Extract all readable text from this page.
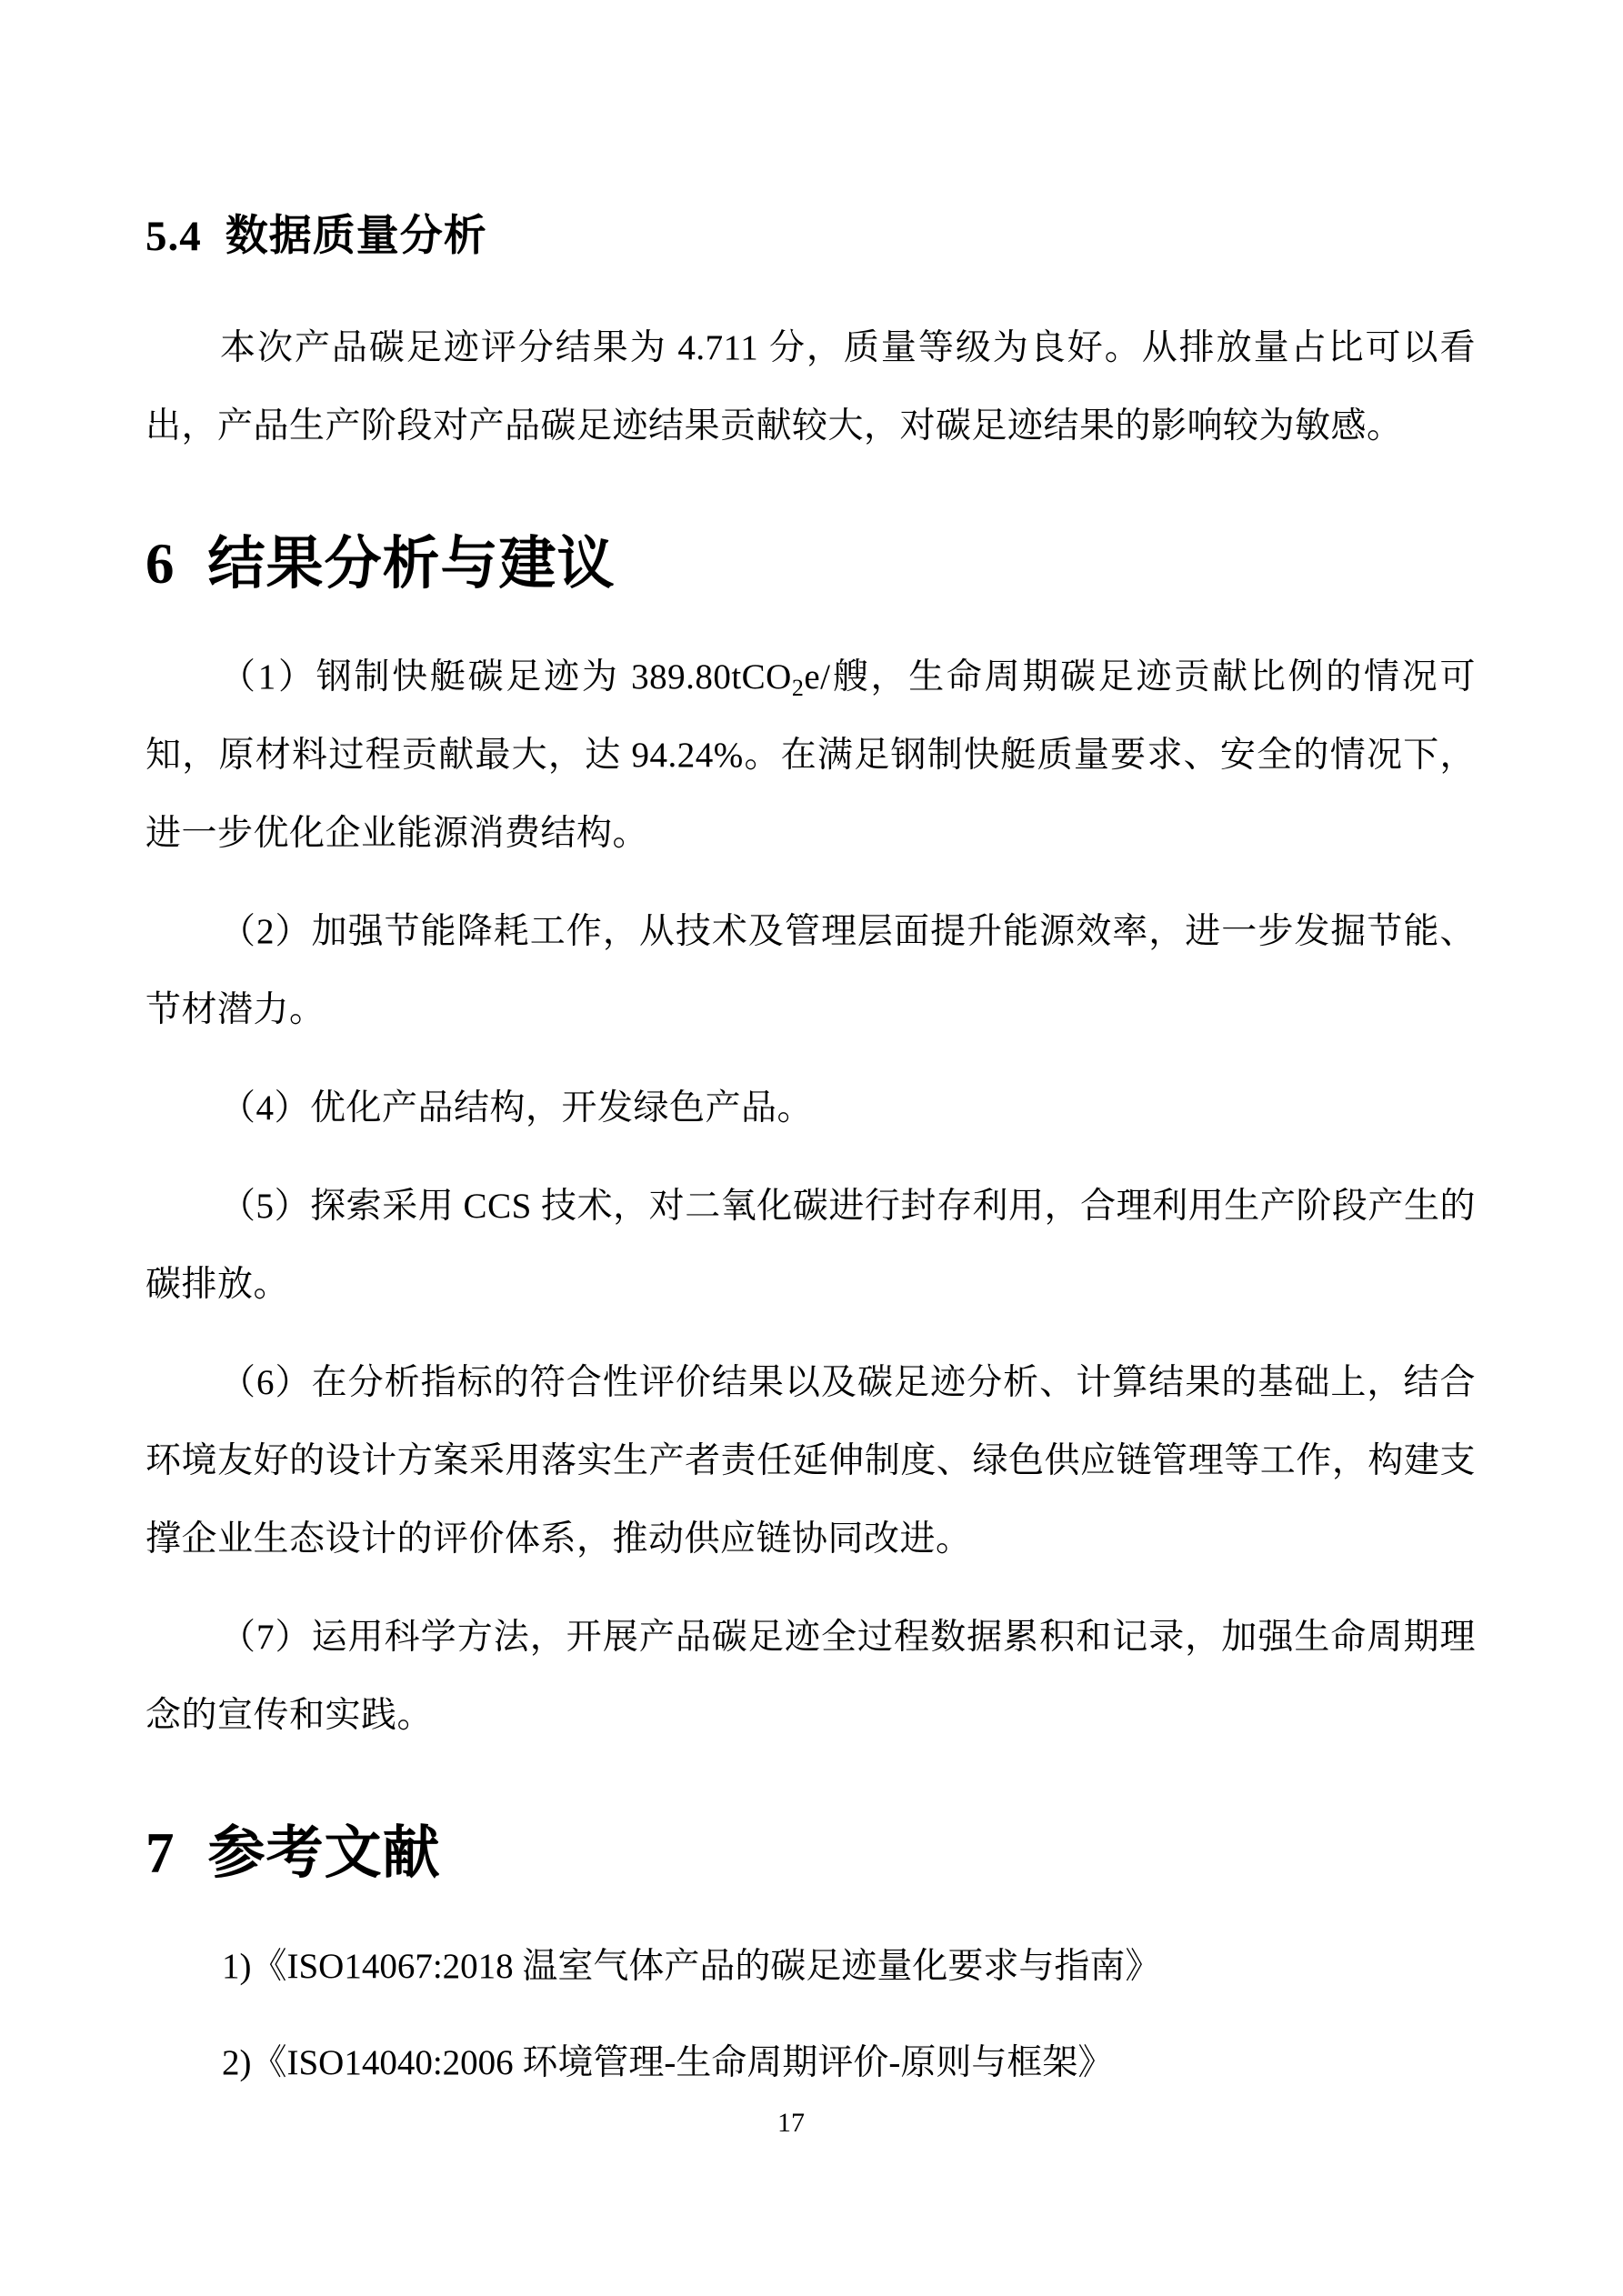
5.4 数据质量分析

本次产品碳足迹评分结果为 4.711 分，质量等级为良好。从排放量占比可以看出，产品生产阶段对产品碳足迹结果贡献较大，对碳足迹结果的影响较为敏感。

6 结果分析与建议

（1）钢制快艇碳足迹为 389.80tCO$_2$e/艘，生命周期碳足迹贡献比例的情况可知，原材料过程贡献最大，达 94.24%。在满足钢制快艇质量要求、安全的情况下，进一步优化企业能源消费结构。

（2）加强节能降耗工作，从技术及管理层面提升能源效率，进一步发掘节能、节材潜力。

（4）优化产品结构，开发绿色产品。

（5）探索采用 CCS 技术，对二氧化碳进行封存利用，合理利用生产阶段产生的碳排放。

（6）在分析指标的符合性评价结果以及碳足迹分析、计算结果的基础上，结合环境友好的设计方案采用落实生产者责任延伸制度、绿色供应链管理等工作，构建支撑企业生态设计的评价体系，推动供应链协同改进。

（7）运用科学方法，开展产品碳足迹全过程数据累积和记录，加强生命周期理念的宣传和实践。

7 参考文献

1)《ISO14067:2018 温室气体产品的碳足迹量化要求与指南》

2)《ISO14040:2006 环境管理-生命周期评价-原则与框架》

17
